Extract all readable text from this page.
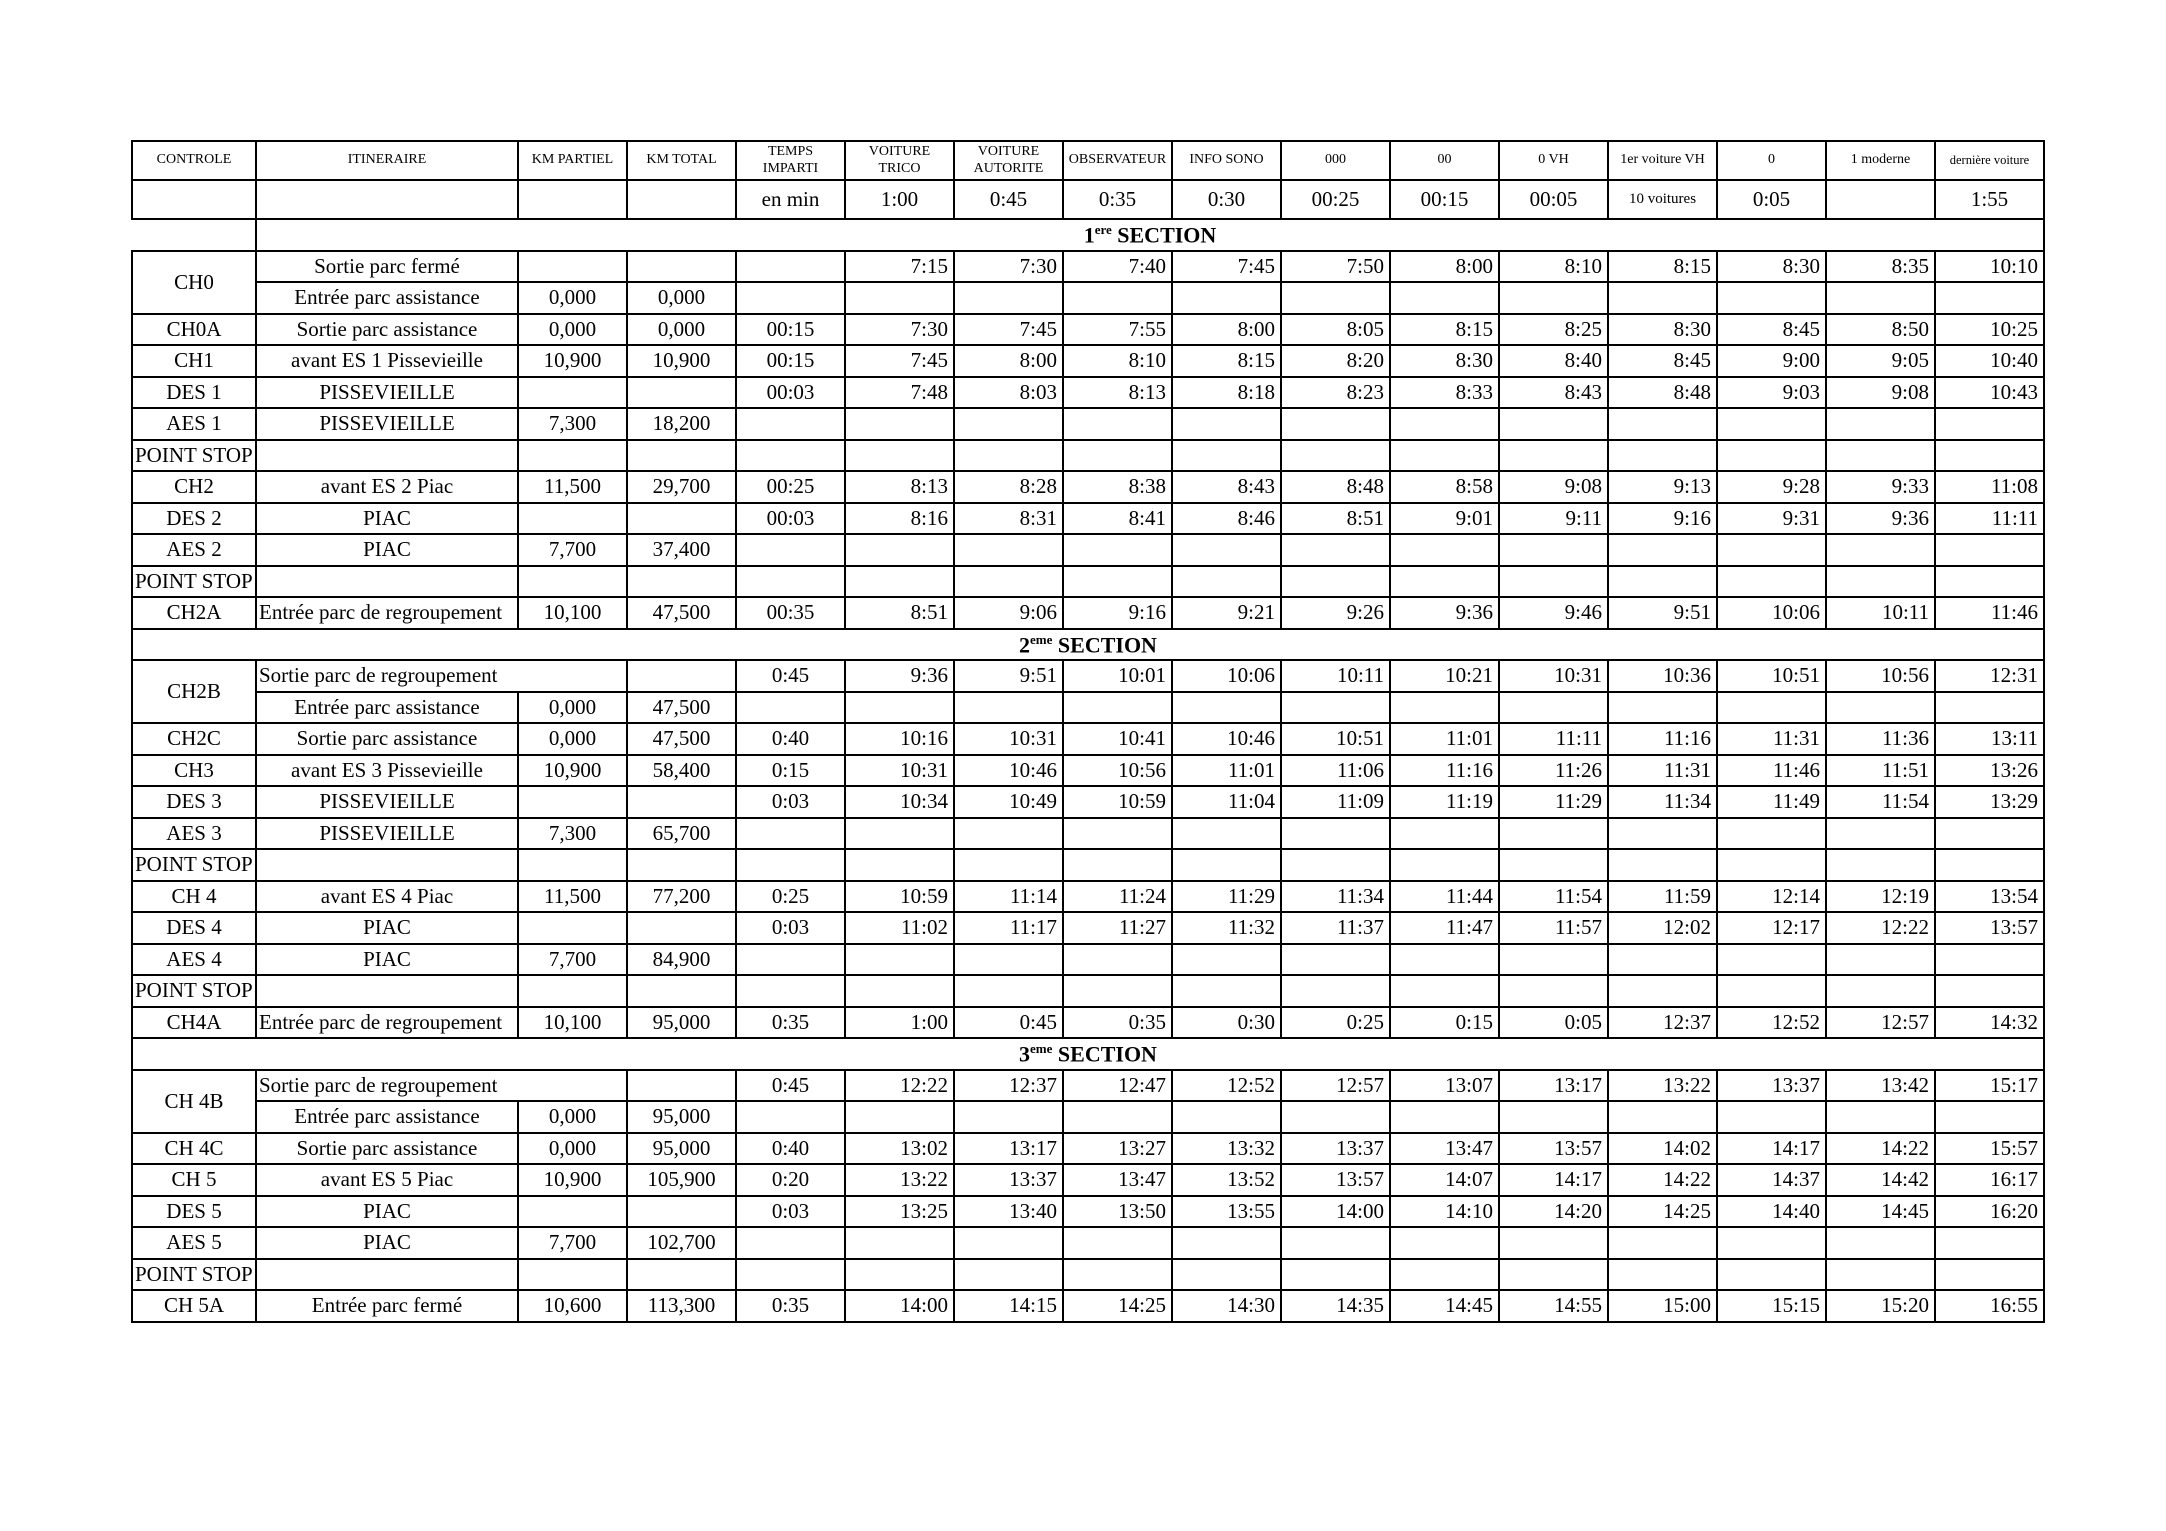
CONTROLE	ITINERAIRE	KM PARTIEL	KM TOTAL	TEMPS IMPARTI	VOITURE TRICO	VOITURE AUTORITE	OBSERVATEUR	INFO SONO	000	00	0 VH	1er voiture VH	0	1 moderne	dernière voiture
				en min	1:00	0:45	0:35	0:30	00:25	00:15	00:05	10 voitures	0:05		1:55
	1ere SECTION														
CH0	Sortie parc fermé				7:15	7:30	7:40	7:45	7:50	8:00	8:10	8:15	8:30	8:35	10:10
	Entrée parc assistance	0,000	0,000												
CH0A	Sortie parc assistance	0,000	0,000	00:15	7:30	7:45	7:55	8:00	8:05	8:15	8:25	8:30	8:45	8:50	10:25
CH1	avant ES 1 Pissevieille	10,900	10,900	00:15	7:45	8:00	8:10	8:15	8:20	8:30	8:40	8:45	9:00	9:05	10:40
DES 1	PISSEVIEILLE			00:03	7:48	8:03	8:13	8:18	8:23	8:33	8:43	8:48	9:03	9:08	10:43
AES 1	PISSEVIEILLE	7,300	18,200												
POINT STOP															
CH2	avant ES 2 Piac	11,500	29,700	00:25	8:13	8:28	8:38	8:43	8:48	8:58	9:08	9:13	9:28	9:33	11:08
DES 2	PIAC			00:03	8:16	8:31	8:41	8:46	8:51	9:01	9:11	9:16	9:31	9:36	11:11
AES 2	PIAC	7,700	37,400												
POINT STOP															
CH2A	Entrée parc de regroupement	10,100	47,500	00:35	8:51	9:06	9:16	9:21	9:26	9:36	9:46	9:51	10:06	10:11	11:46
2eme SECTION															
CH2B	Sortie parc de regroupement			0:45	9:36	9:51	10:01	10:06	10:11	10:21	10:31	10:36	10:51	10:56	12:31
	Entrée parc assistance	0,000	47,500												
CH2C	Sortie parc assistance	0,000	47,500	0:40	10:16	10:31	10:41	10:46	10:51	11:01	11:11	11:16	11:31	11:36	13:11
CH3	avant ES 3 Pissevieille	10,900	58,400	0:15	10:31	10:46	10:56	11:01	11:06	11:16	11:26	11:31	11:46	11:51	13:26
DES 3	PISSEVIEILLE			0:03	10:34	10:49	10:59	11:04	11:09	11:19	11:29	11:34	11:49	11:54	13:29
AES 3	PISSEVIEILLE	7,300	65,700												
POINT STOP															
CH 4	avant ES 4 Piac	11,500	77,200	0:25	10:59	11:14	11:24	11:29	11:34	11:44	11:54	11:59	12:14	12:19	13:54
DES 4	PIAC			0:03	11:02	11:17	11:27	11:32	11:37	11:47	11:57	12:02	12:17	12:22	13:57
AES 4	PIAC	7,700	84,900												
POINT STOP															
CH4A	Entrée parc de regroupement	10,100	95,000	0:35	1:00	0:45	0:35	0:30	0:25	0:15	0:05	12:37	12:52	12:57	14:32
3eme SECTION															
CH 4B	Sortie parc de regroupement			0:45	12:22	12:37	12:47	12:52	12:57	13:07	13:17	13:22	13:37	13:42	15:17
	Entrée parc assistance	0,000	95,000												
CH 4C	Sortie parc assistance	0,000	95,000	0:40	13:02	13:17	13:27	13:32	13:37	13:47	13:57	14:02	14:17	14:22	15:57
CH 5	avant ES 5 Piac	10,900	105,900	0:20	13:22	13:37	13:47	13:52	13:57	14:07	14:17	14:22	14:37	14:42	16:17
DES 5	PIAC			0:03	13:25	13:40	13:50	13:55	14:00	14:10	14:20	14:25	14:40	14:45	16:20
AES 5	PIAC	7,700	102,700												
POINT STOP															
CH 5A	Entrée parc fermé	10,600	113,300	0:35	14:00	14:15	14:25	14:30	14:35	14:45	14:55	15:00	15:15	15:20	16:55
